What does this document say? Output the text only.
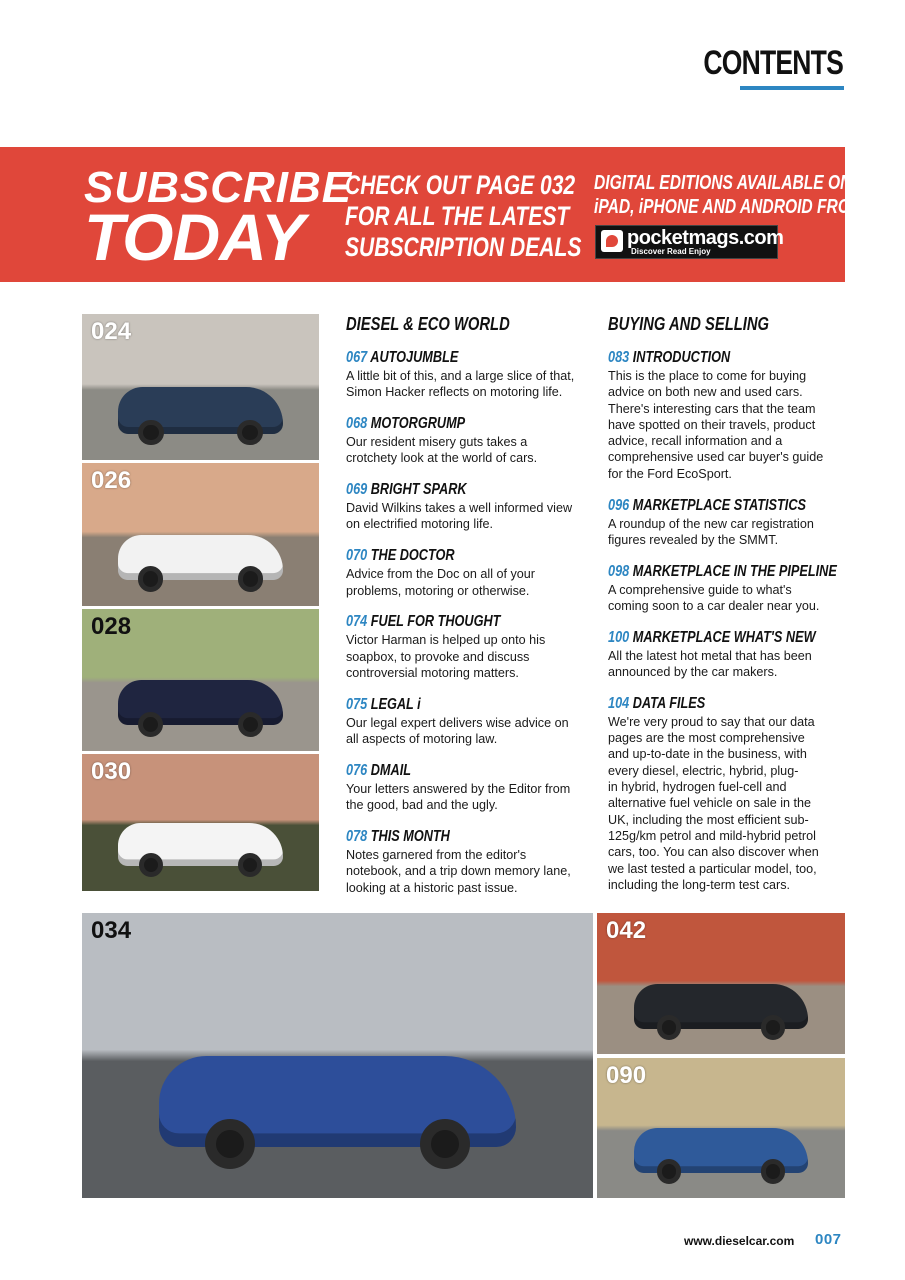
CONTENTS
SUBSCRIBE
TODAY
CHECK OUT PAGE 032
FOR ALL THE LATEST
SUBSCRIPTION DEALS
DIGITAL EDITIONS AVAILABLE ON
iPAD, iPHONE AND ANDROID FROM
pocketmags.com
Discover Read Enjoy
024
026
028
030
034	042
090
DIESEL & ECO WORLD	BUYING AND SELLING
067 AUTOJUMBLE
A little bit of this, and a large slice of that,
Simon Hacker reflects on motoring life.
068 MOTORGRUMP
Our resident misery guts takes a
crotchety look at the world of cars.
069 BRIGHT SPARK
David Wilkins takes a well informed view
on electrified motoring life.
070 THE DOCTOR
Advice from the Doc on all of your
problems, motoring or otherwise.
074 FUEL FOR THOUGHT
Victor Harman is helped up onto his
soapbox, to provoke and discuss
controversial motoring matters.
075 LEGAL i
Our legal expert delivers wise advice on
all aspects of motoring law.
076 DMAIL
Your letters answered by the Editor from
the good, bad and the ugly.
078 THIS MONTH
Notes garnered from the editor's
notebook, and a trip down memory lane,
looking at a historic past issue.
083 INTRODUCTION
This is the place to come for buying
advice on both new and used cars.
There's interesting cars that the team
have spotted on their travels, product
advice, recall information and a
comprehensive used car buyer's guide
for the Ford EcoSport.
096 MARKETPLACE STATISTICS
A roundup of the new car registration
figures revealed by the SMMT.
098 MARKETPLACE IN THE PIPELINE
A comprehensive guide to what's
coming soon to a car dealer near you.
100 MARKETPLACE WHAT'S NEW
All the latest hot metal that has been
announced by the car makers.
104 DATA FILES
We're very proud to say that our data
pages are the most comprehensive
and up-to-date in the business, with
every diesel, electric, hybrid, plug-
in hybrid, hydrogen fuel-cell and
alternative fuel vehicle on sale in the
UK, including the most efficient sub-
125g/km petrol and mild-hybrid petrol
cars, too. You can also discover when
we last tested a particular model, too,
including the long-term test cars.
www.dieselcar.com 007
